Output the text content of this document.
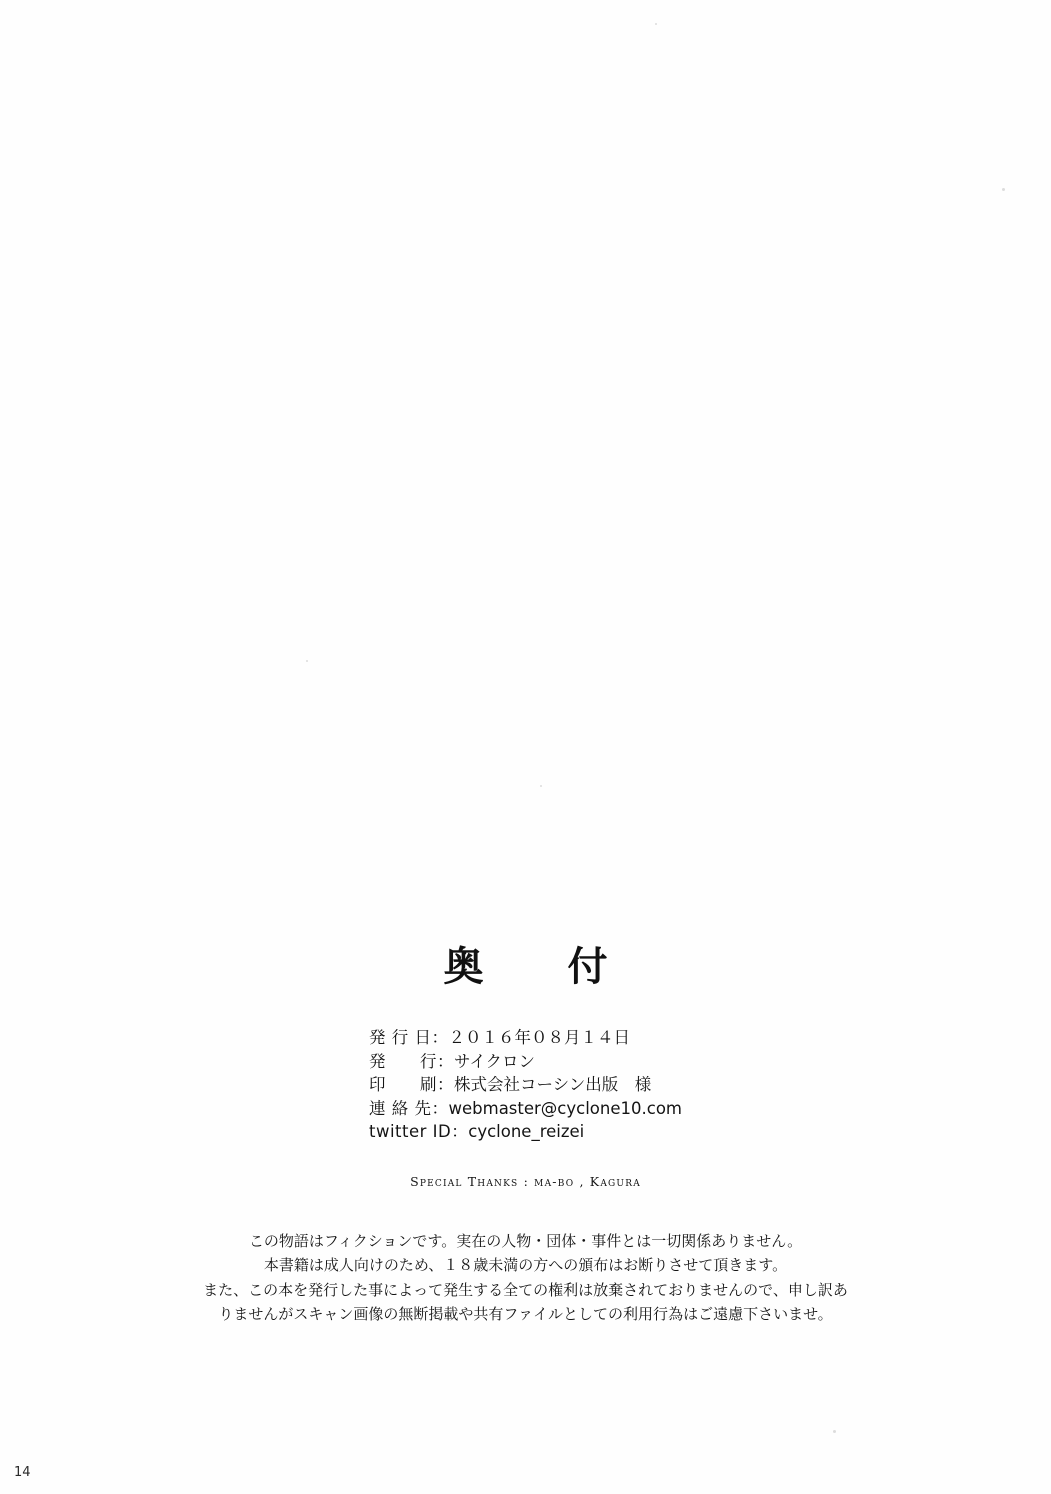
奥　付
発 行 日：２０１６年０８月１４日
発　　行：サイクロン
印　　刷：株式会社コーシン出版　様
連 絡 先：webmaster@cyclone10.com
twitter ID：cyclone_reizei
Special Thanks : ma-bo , Kagura
この物語はフィクションです。実在の人物・団体・事件とは一切関係ありません。
本書籍は成人向けのため、１８歳未満の方への頒布はお断りさせて頂きます。
また、この本を発行した事によって発生する全ての権利は放棄されておりませんので、申し訳あ
りませんがスキャン画像の無断掲載や共有ファイルとしての利用行為はご遠慮下さいませ。
14
